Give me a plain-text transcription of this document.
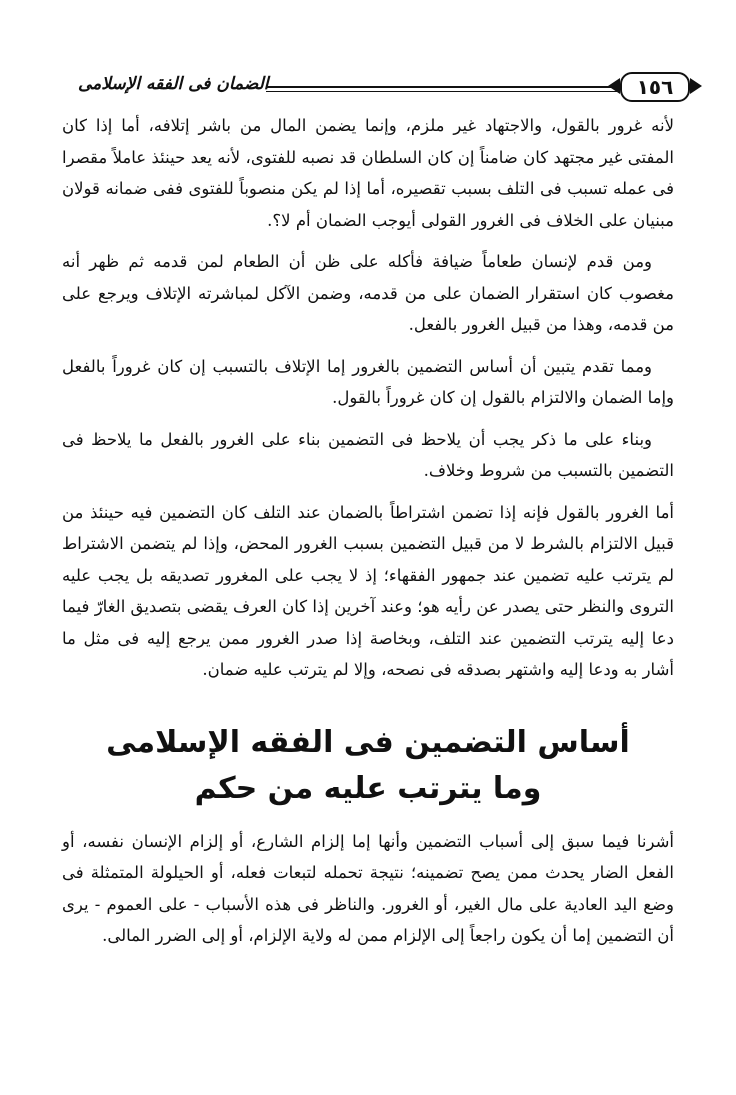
الضمان فى الفقه الإسلامى	١٥٦

لأنه غرور بالقول، والاجتهاد غير ملزم، وإنما يضمن المال من باشر إتلافه، أما إذا كان المفتى غير مجتهد كان ضامناً إن كان السلطان قد نصبه للفتوى، لأنه يعد حينئذ عاملاً مقصرا فى عمله تسبب فى التلف بسبب تقصيره، أما إذا لم يكن منصوباً للفتوى ففى ضمانه قولان مبنيان على الخلاف فى الغرور القولى أيوجب الضمان أم لا؟.

ومن قدم لإنسان طعاماً ضيافة فأكله على ظن أن الطعام لمن قدمه ثم ظهر أنه مغصوب كان استقرار الضمان على من قدمه، وضمن الآكل لمباشرته الإتلاف ويرجع على من قدمه، وهذا من قبيل الغرور بالفعل.

ومما تقدم يتبين أن أساس التضمين بالغرور إما الإتلاف بالتسبب إن كان غروراً بالفعل وإما الضمان والالتزام بالقول إن كان غروراً بالقول.

وبناء على ما ذكر يجب أن يلاحظ فى التضمين بناء على الغرور بالفعل ما يلاحظ فى التضمين بالتسبب من شروط وخلاف.

أما الغرور بالقول فإنه إذا تضمن اشتراطاً بالضمان عند التلف كان التضمين فيه حينئذ من قبيل الالتزام بالشرط لا من قبيل التضمين بسبب الغرور المحض، وإذا لم يتضمن الاشتراط لم يترتب عليه تضمين عند جمهور الفقهاء؛ إذ لا يجب على المغرور تصديقه بل يجب عليه التروى والنظر حتى يصدر عن رأيه هو؛ وعند آخرين إذا كان العرف يقضى بتصديق الغارّ فيما دعا إليه يترتب التضمين عند التلف، وبخاصة إذا صدر الغرور ممن يرجع إليه فى مثل ما أشار به ودعا إليه واشتهر بصدقه فى نصحه، وإلا لم يترتب عليه ضمان.

أساس التضمين فى الفقه الإسلامى
وما يترتب عليه من حكم

أشرنا فيما سبق إلى أسباب التضمين وأنها إما إلزام الشارع، أو إلزام الإنسان نفسه، أو الفعل الضار يحدث ممن يصح تضمينه؛ نتيجة تحمله لتبعات فعله، أو الحيلولة المتمثلة فى وضع اليد العادية على مال الغير، أو الغرور. والناظر فى هذه الأسباب - على العموم - يرى أن التضمين إما أن يكون راجعاً إلى الإلزام ممن له ولاية الإلزام، أو إلى الضرر المالى.
